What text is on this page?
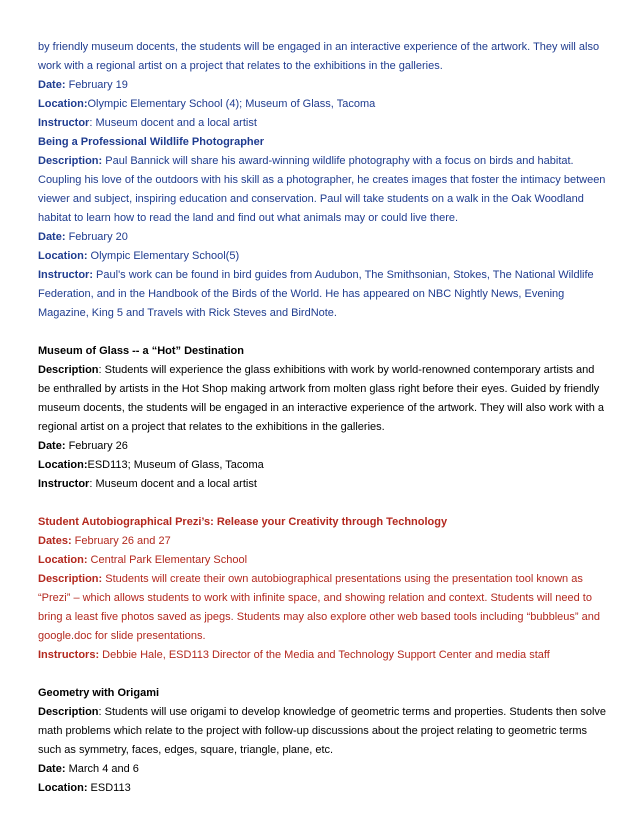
by friendly museum docents, the students will be engaged in an interactive experience of the artwork. They will also work with a regional artist on a project that relates to the exhibitions in the galleries.

Date: February 19

Location:Olympic Elementary School (4); Museum of Glass, Tacoma

Instructor: Museum docent and a local artist

Being a Professional Wildlife Photographer

Description: Paul Bannick will share his award-winning wildlife photography with a focus on birds and habitat. Coupling his love of the outdoors with his skill as a photographer, he creates images that foster the intimacy between viewer and subject, inspiring education and conservation. Paul will take students on a walk in the Oak Woodland habitat to learn how to read the land and find out what animals may or could live there.

Date: February 20

Location: Olympic Elementary School(5)

Instructor: Paul's work can be found in bird guides from Audubon, The Smithsonian, Stokes, The National Wildlife Federation, and in the Handbook of the Birds of the World. He has appeared on NBC Nightly News, Evening Magazine, King 5 and Travels with Rick Steves and BirdNote.

Museum of Glass -- a “Hot” Destination

Description: Students will experience the glass exhibitions with work by world-renowned contemporary artists and be enthralled by artists in the Hot Shop making artwork from molten glass right before their eyes. Guided by friendly museum docents, the students will be engaged in an interactive experience of the artwork. They will also work with a regional artist on a project that relates to the exhibitions in the galleries.

Date: February 26

Location:ESD113; Museum of Glass, Tacoma

Instructor: Museum docent and a local artist

Student Autobiographical Prezi’s: Release your Creativity through Technology

Dates: February 26 and 27

Location: Central Park Elementary School

Description: Students will create their own autobiographical presentations using the presentation tool known as “Prezi” – which allows students to work with infinite space, and showing relation and context. Students will need to bring a least five photos saved as jpegs. Students may also explore other web based tools including “bubbleus” and google.doc for slide presentations.

Instructors: Debbie Hale, ESD113 Director of the Media and Technology Support Center and media staff

Geometry with Origami

Description: Students will use origami to develop knowledge of geometric terms and properties. Students then solve math problems which relate to the project with follow-up discussions about the project relating to geometric terms such as symmetry, faces, edges, square, triangle, plane, etc.

Date: March 4 and 6

Location: ESD113
